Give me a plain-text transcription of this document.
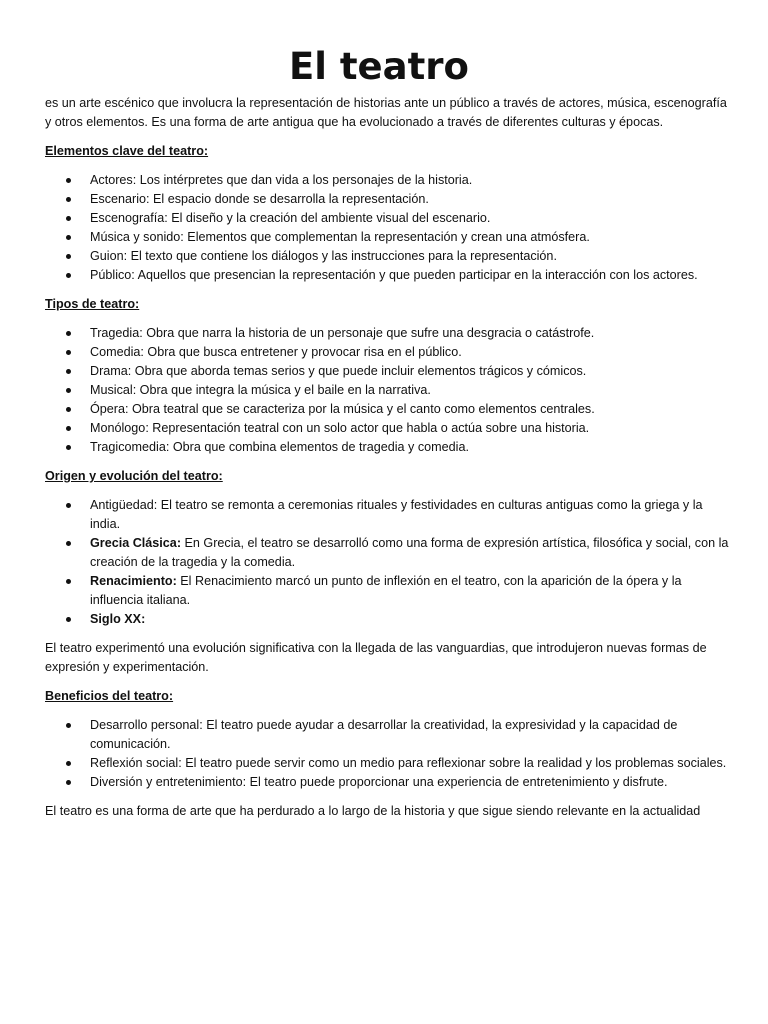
El teatro

es un arte escénico que involucra la representación de historias ante un público a través de actores, música, escenografía y otros elementos. Es una forma de arte antigua que ha evolucionado a través de diferentes culturas y épocas.

Elementos clave del teatro:

Actores: Los intérpretes que dan vida a los personajes de la historia.
Escenario: El espacio donde se desarrolla la representación.
Escenografía: El diseño y la creación del ambiente visual del escenario.
Música y sonido: Elementos que complementan la representación y crean una atmósfera.
Guion: El texto que contiene los diálogos y las instrucciones para la representación.
Público: Aquellos que presencian la representación y que pueden participar en la interacción con los actores.

Tipos de teatro:

Tragedia: Obra que narra la historia de un personaje que sufre una desgracia o catástrofe.
Comedia: Obra que busca entretener y provocar risa en el público.
Drama: Obra que aborda temas serios y que puede incluir elementos trágicos y cómicos.
Musical: Obra que integra la música y el baile en la narrativa.
Ópera: Obra teatral que se caracteriza por la música y el canto como elementos centrales.
Monólogo: Representación teatral con un solo actor que habla o actúa sobre una historia.
Tragicomedia: Obra que combina elementos de tragedia y comedia.

Origen y evolución del teatro:

Antigüedad: El teatro se remonta a ceremonias rituales y festividades en culturas antiguas como la griega y la india.
Grecia Clásica: En Grecia, el teatro se desarrolló como una forma de expresión artística, filosófica y social, con la creación de la tragedia y la comedia.
Renacimiento: El Renacimiento marcó un punto de inflexión en el teatro, con la aparición de la ópera y la influencia italiana.
Siglo XX:

El teatro experimentó una evolución significativa con la llegada de las vanguardias, que introdujeron nuevas formas de expresión y experimentación.

Beneficios del teatro:

Desarrollo personal: El teatro puede ayudar a desarrollar la creatividad, la expresividad y la capacidad de comunicación.
Reflexión social: El teatro puede servir como un medio para reflexionar sobre la realidad y los problemas sociales.
Diversión y entretenimiento: El teatro puede proporcionar una experiencia de entretenimiento y disfrute.

El teatro es una forma de arte que ha perdurado a lo largo de la historia y que sigue siendo relevante en la actualidad
